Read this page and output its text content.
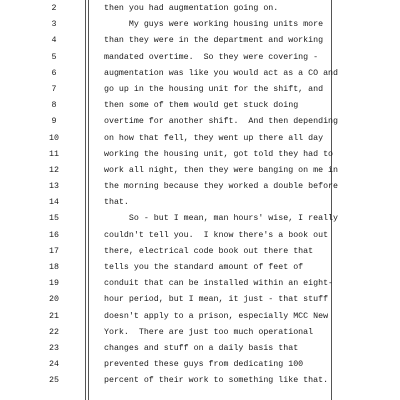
2	then you had augmentation going on.
3	My guys were working housing units more
4	than they were in the department and working
5	mandated overtime.  So they were covering -
6	augmentation was like you would act as a CO and
7	go up in the housing unit for the shift, and
8	then some of them would get stuck doing
9	overtime for another shift.  And then depending
10	on how that fell, they went up there all day
11	working the housing unit, got told they had to
12	work all night, then they were banging on me in
13	the morning because they worked a double before
14	that.
15	So - but I mean, man hours' wise, I really
16	couldn't tell you.  I know there's a book out
17	there, electrical code book out there that
18	tells you the standard amount of feet of
19	conduit that can be installed within an eight-
20	hour period, but I mean, it just - that stuff
21	doesn't apply to a prison, especially MCC New
22	York.  There are just too much operational
23	changes and stuff on a daily basis that
24	prevented these guys from dedicating 100
25	percent of their work to something like that.
